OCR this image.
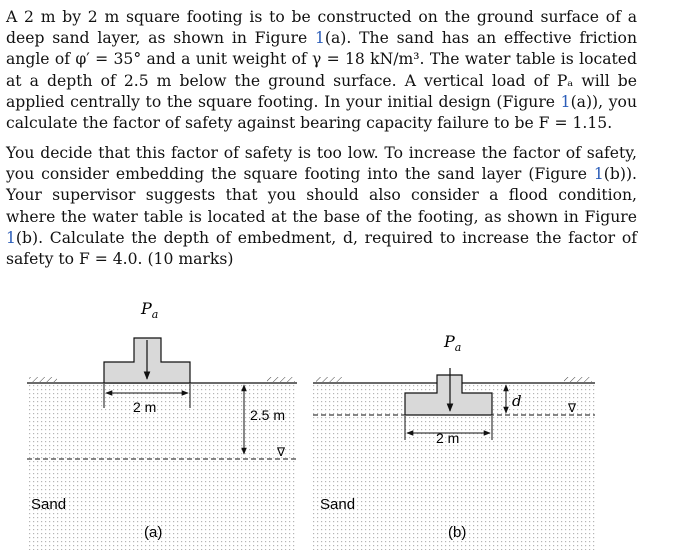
A 2 m by 2 m square footing is to be constructed on the ground surface of a deep sand layer, as shown in Figure 1(a). The sand has an effective friction angle of φ′ = 35° and a unit weight of γ = 18 kN/m³. The water table is located at a depth of 2.5 m below the ground surface. A vertical load of Pₐ will be applied centrally to the square footing. In your initial design (Figure 1(a)), you calculate the factor of safety against bearing capacity failure to be F = 1.15.

You decide that this factor of safety is too low. To increase the factor of safety, you consider embedding the square footing into the sand layer (Figure 1(b)). Your supervisor suggests that you should also consider a flood condition, where the water table is located at the base of the footing, as shown in Figure 1(b). Calculate the depth of embedment, d, required to increase the factor of safety to F = 4.0. (10 marks)

$P_a$
2 m	2.5 m
∇
Sand
(a)
$P_a$
d	∇
2 m
Sand
(b)
